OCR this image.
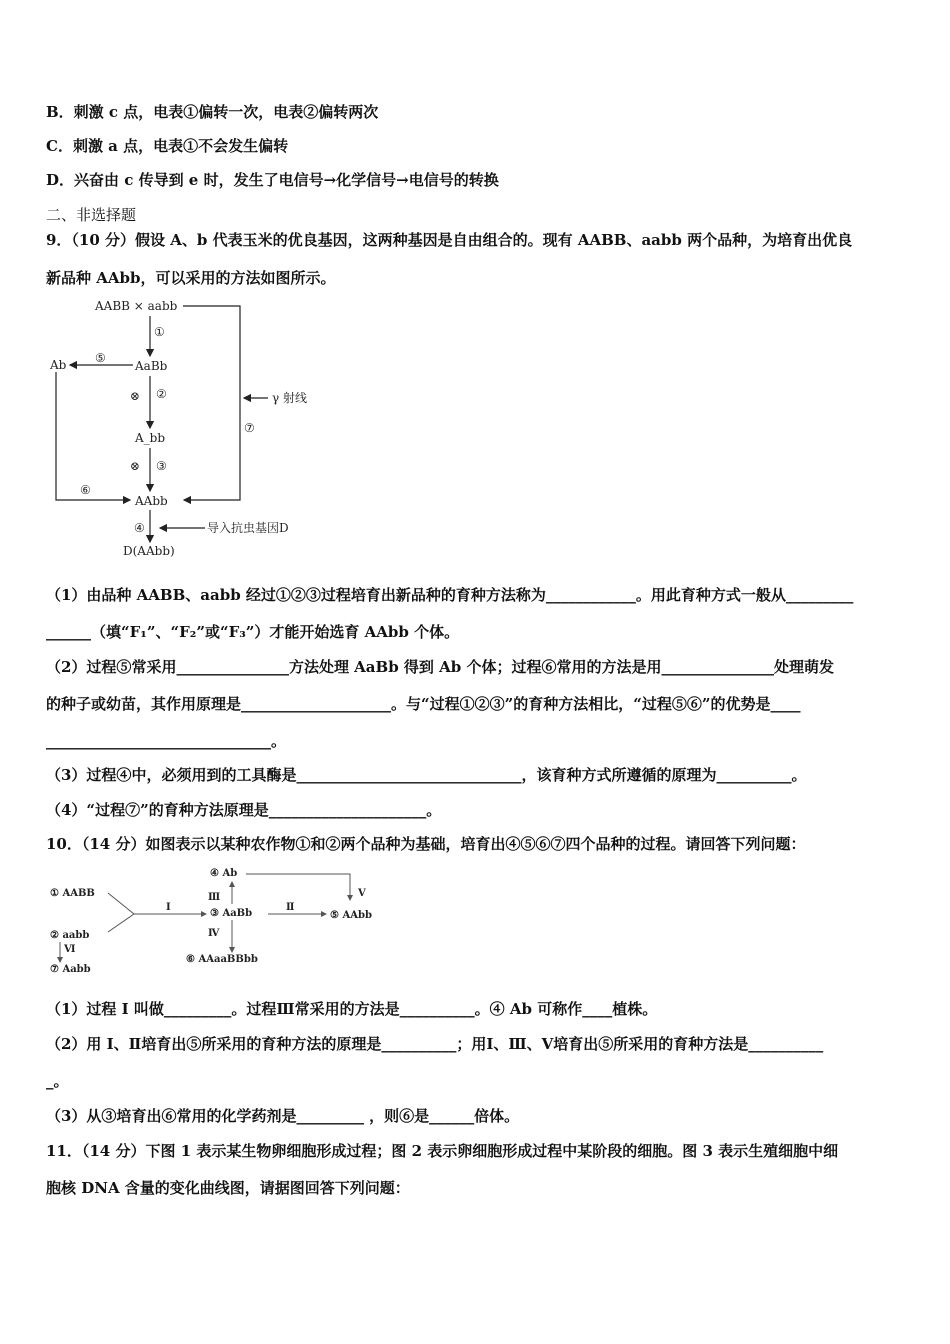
B．刺激 c 点，电表①偏转一次，电表②偏转两次
C．刺激 a 点，电表①不会发生偏转
D．兴奋由 c 传导到 e 时，发生了电信号→化学信号→电信号的转换
二、非选择题
9．（10 分）假设 A、b 代表玉米的优良基因，这两种基因是自由组合的。现有 AABB、aabb 两个品种，为培育出优良
新品种 AAbb，可以采用的方法如图所示。
AABB × aabb
Ab	AaBb
A_bb
AAbb
D(AAbb)
①
⑤
⊗ ②
⊗ ③
⑥
④	导入抗虫基因D
γ 射线
⑦
（1）由品种 AABB、aabb 经过①②③过程培育出新品种的育种方法称为____________。用此育种方式一般从_________
______（填“F₁”、“F₂”或“F₃”）才能开始选育 AAbb 个体。
（2）过程⑤常采用_______________方法处理 AaBb 得到 Ab 个体；过程⑥常用的方法是用_______________处理萌发
的种子或幼苗，其作用原理是____________________。与“过程①②③”的育种方法相比，“过程⑤⑥”的优势是____
______________________________。
（3）过程④中，必须用到的工具酶是______________________________，该育种方式所遵循的原理为__________。
（4）“过程⑦”的育种方法原理是_____________________。
10．（14 分）如图表示以某种农作物①和②两个品种为基础，培育出④⑤⑥⑦四个品种的过程。请回答下列问题：
① AABB
② aabb
③ AaBb
④ Ab
⑤ AAbb
⑥ AAaaBBbb
⑦ Aabb
I	Ⅱ
Ⅲ
Ⅳ
Ⅴ
Ⅵ
（1）过程 I 叫做_________。过程Ⅲ常采用的方法是__________。④ Ab 可称作____植株。
（2）用 I、Ⅱ培育出⑤所采用的育种方法的原理是__________；用Ⅰ、Ⅲ、Ⅴ培育出⑤所采用的育种方法是__________
_。
（3）从③培育出⑥常用的化学药剂是_________ ，则⑥是______倍体。
11．（14 分）下图 1 表示某生物卵细胞形成过程；图 2 表示卵细胞形成过程中某阶段的细胞。图 3 表示生殖细胞中细
胞核 DNA 含量的变化曲线图，请据图回答下列问题：
